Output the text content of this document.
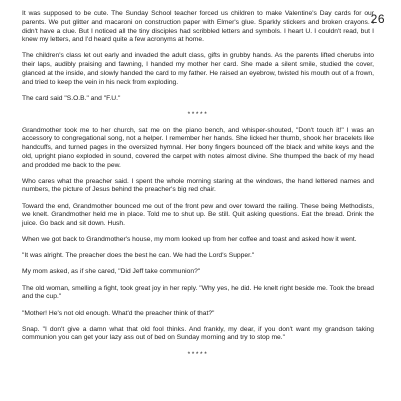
26

It was supposed to be cute. The Sunday School teacher forced us children to make Valentine's Day cards for our parents. We put glitter and macaroni on construction paper with Elmer's glue. Sparkly stickers and broken crayons. I didn't have a clue. But I noticed all the tiny disciples had scribbled letters and symbols. I heart U. I couldn't read, but I knew my letters, and I'd heard quite a few acronyms at home.

The children's class let out early and invaded the adult class, gifts in grubby hands. As the parents lifted cherubs into their laps, audibly praising and fawning, I handed my mother her card. She made a silent smile, studied the cover, glanced at the inside, and slowly handed the card to my father. He raised an eyebrow, twisted his mouth out of a frown, and tried to keep the vein in his neck from exploding.

The card said "S.O.B." and "F.U."

*****

Grandmother took me to her church, sat me on the piano bench, and whisper-shouted, "Don't touch it!" I was an accessory to congregational song, not a helper. I remember her hands. She licked her thumb, shook her bracelets like handcuffs, and turned pages in the oversized hymnal. Her bony fingers bounced off the black and white keys and the old, upright piano exploded in sound, covered the carpet with notes almost divine. She thumped the back of my head and prodded me back to the pew.

Who cares what the preacher said. I spent the whole morning staring at the windows, the hand lettered names and numbers, the picture of Jesus behind the preacher's big red chair.

Toward the end, Grandmother bounced me out of the front pew and over toward the railing. These being Methodists, we knelt. Grandmother held me in place. Told me to shut up. Be still. Quit asking questions. Eat the bread. Drink the juice. Go back and sit down. Hush.

When we got back to Grandmother's house, my mom looked up from her coffee and toast and asked how it went.

"It was alright. The preacher does the best he can. We had the Lord's Supper."

My mom asked, as if she cared, "Did Jeff take communion?"

The old woman, smelling a fight, took great joy in her reply. "Why yes, he did. He knelt right beside me. Took the bread and the cup."

"Mother! He's not old enough. What'd the preacher think of that?"

Snap. "I don't give a damn what that old fool thinks. And frankly, my dear, if you don't want my grandson taking communion you can get your lazy ass out of bed on Sunday morning and try to stop me."

*****
